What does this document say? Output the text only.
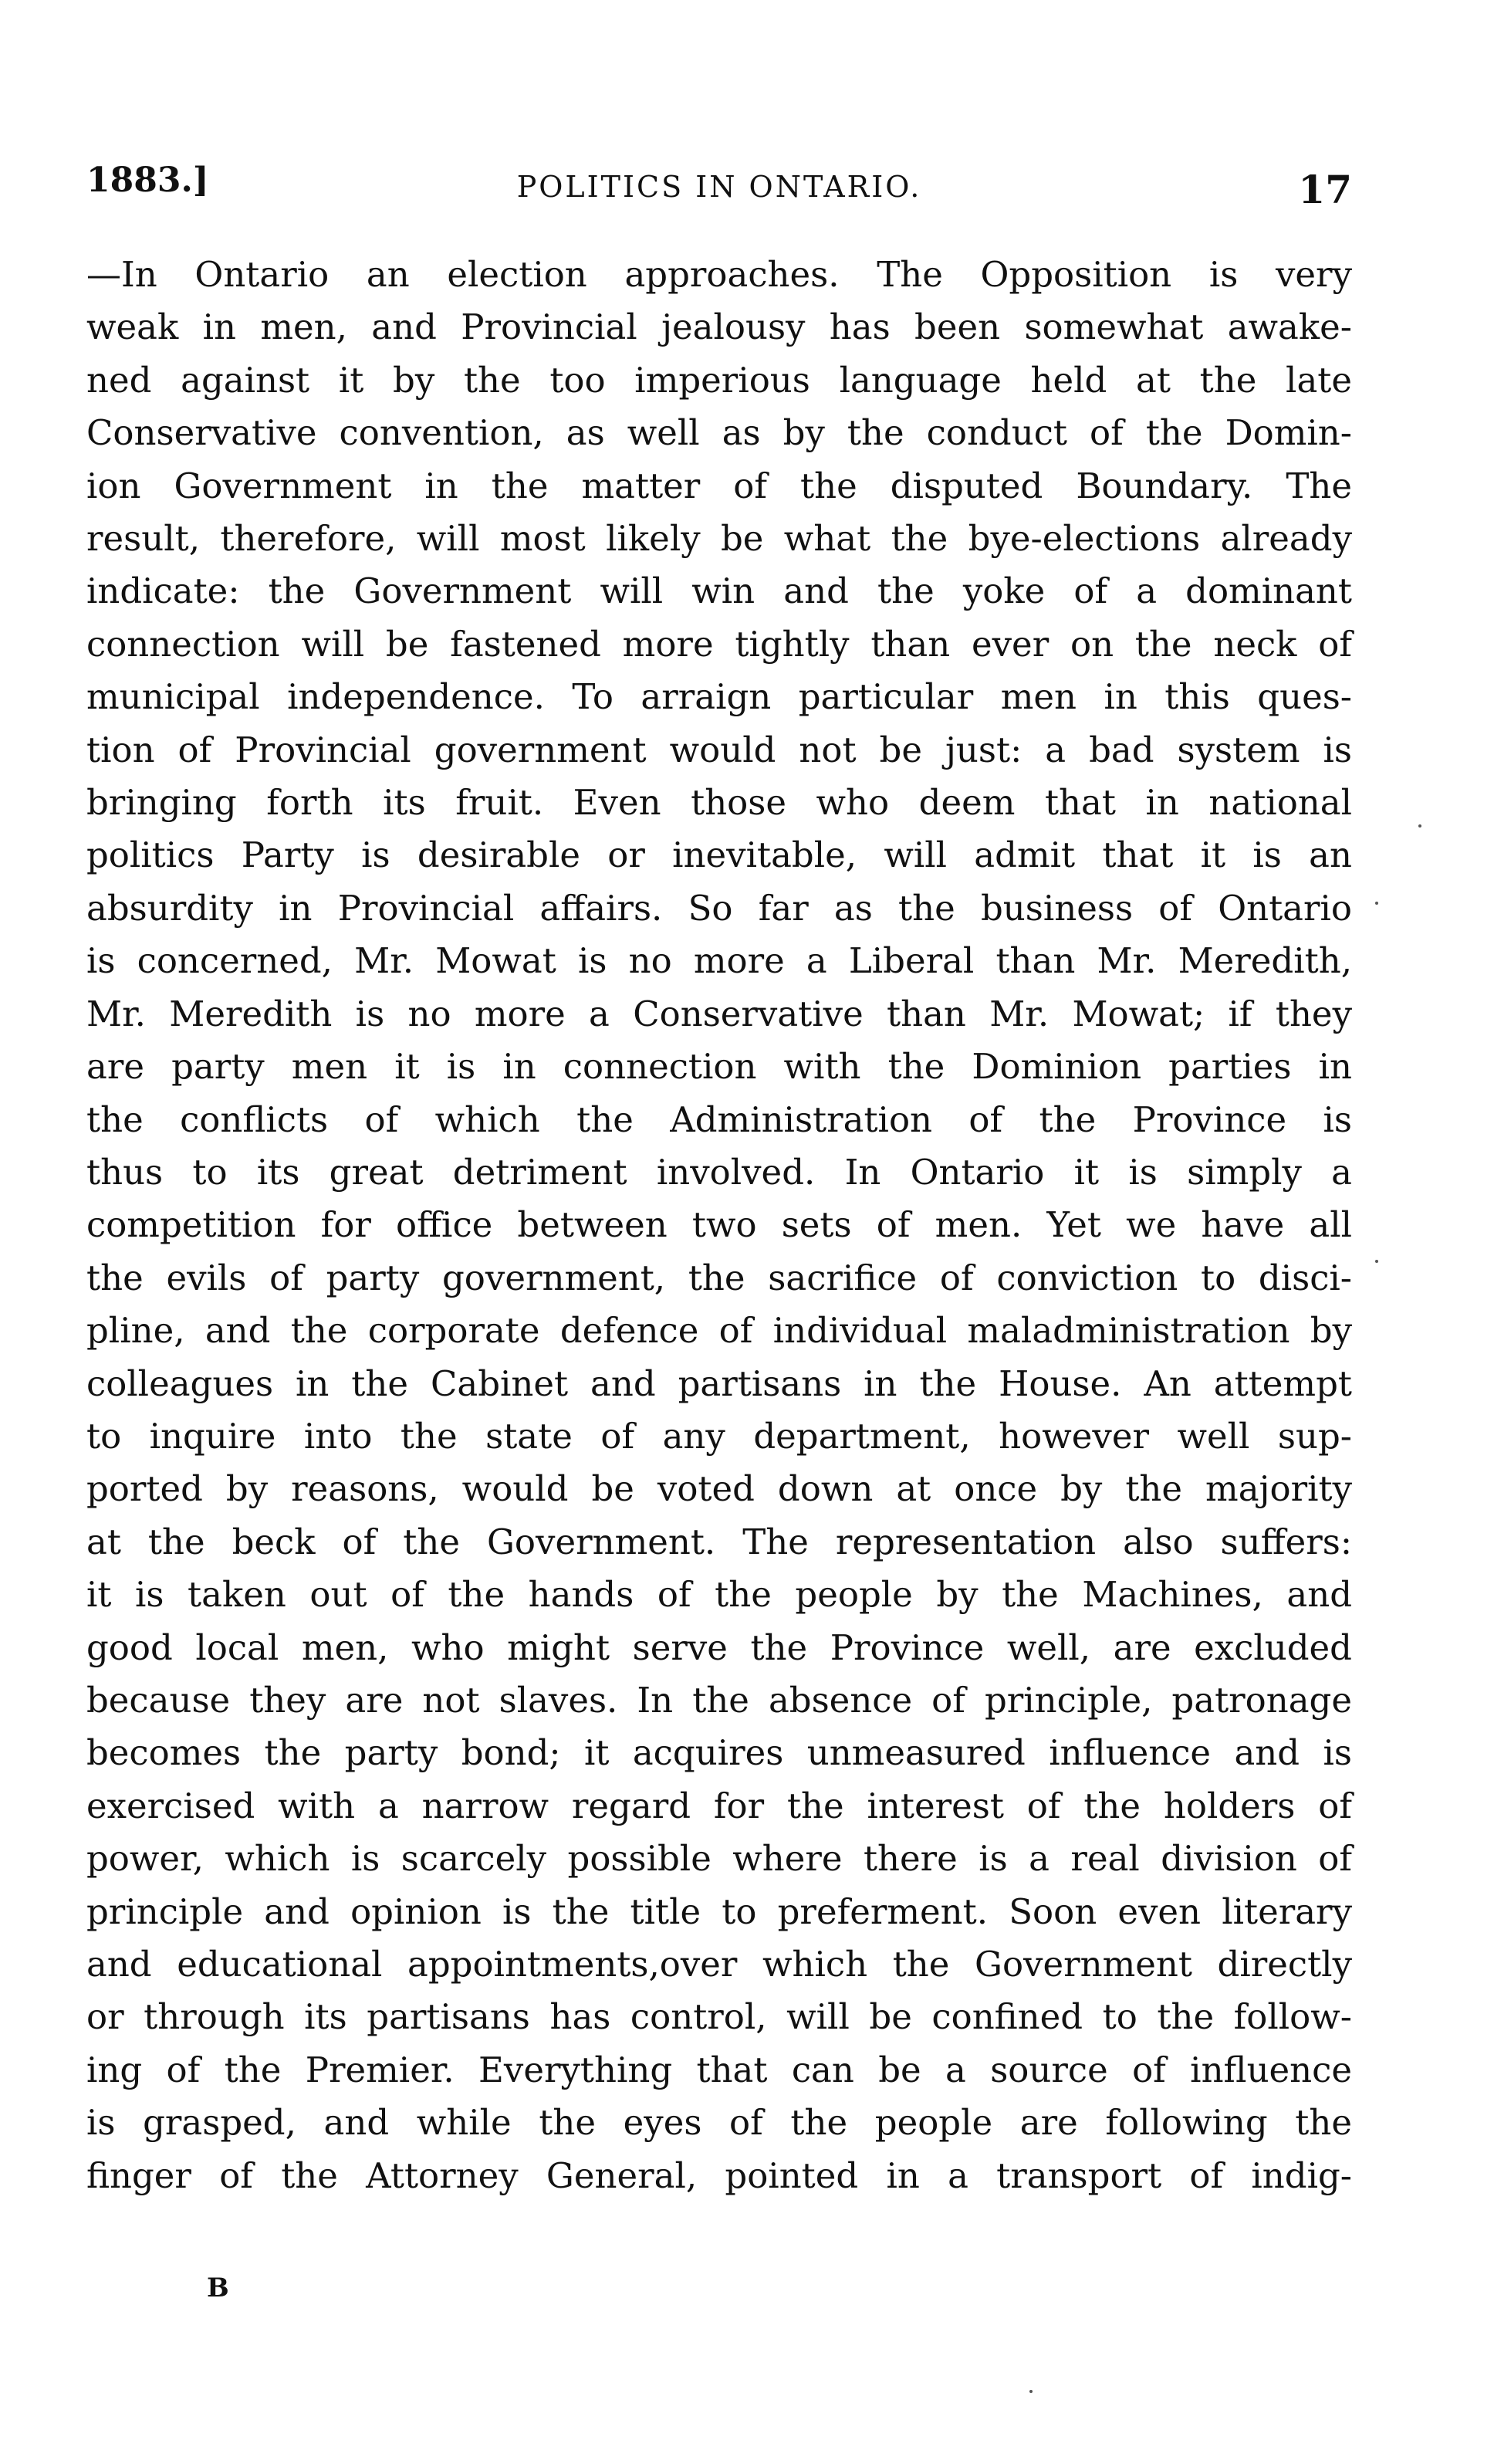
1883.]	POLITICS IN ONTARIO.	17
—In Ontario an election approaches. The Opposition is very
weak in men, and Provincial jealousy has been somewhat awake-
ned against it by the too imperious language held at the late
Conservative convention, as well as by the conduct of the Domin-
ion Government in the matter of the disputed Boundary. The
result, therefore, will most likely be what the bye-elections already
indicate: the Government will win and the yoke of a dominant
connection will be fastened more tightly than ever on the neck of
municipal independence. To arraign particular men in this ques-
tion of Provincial government would not be just: a bad system is
bringing forth its fruit. Even those who deem that in national
politics Party is desirable or inevitable, will admit that it is an
absurdity in Provincial affairs. So far as the business of Ontario
is concerned, Mr. Mowat is no more a Liberal than Mr. Meredith,
Mr. Meredith is no more a Conservative than Mr. Mowat; if they
are party men it is in connection with the Dominion parties in
the conflicts of which the Administration of the Province is
thus to its great detriment involved. In Ontario it is simply a
competition for office between two sets of men. Yet we have all
the evils of party government, the sacrifice of conviction to disci-
pline, and the corporate defence of individual maladministration by
colleagues in the Cabinet and partisans in the House. An attempt
to inquire into the state of any department, however well sup-
ported by reasons, would be voted down at once by the majority
at the beck of the Government. The representation also suffers:
it is taken out of the hands of the people by the Machines, and
good local men, who might serve the Province well, are excluded
because they are not slaves. In the absence of principle, patronage
becomes the party bond; it acquires unmeasured influence and is
exercised with a narrow regard for the interest of the holders of
power, which is scarcely possible where there is a real division of
principle and opinion is the title to preferment. Soon even literary
and educational appointments,over which the Government directly
or through its partisans has control, will be confined to the follow-
ing of the Premier. Everything that can be a source of influence
is grasped, and while the eyes of the people are following the
finger of the Attorney General, pointed in a transport of indig-
B
